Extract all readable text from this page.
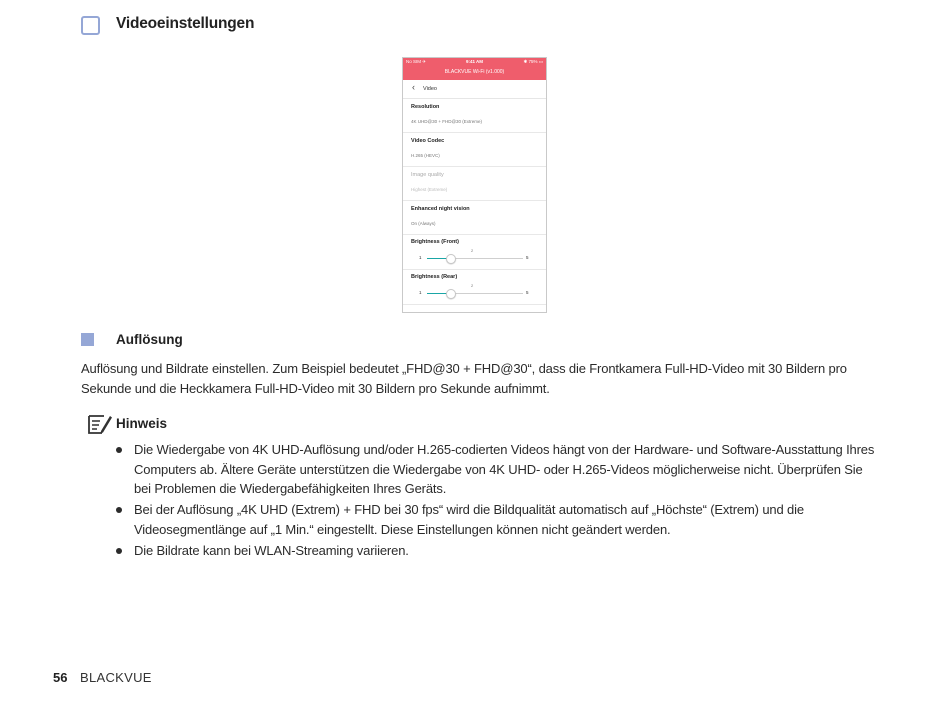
Videoeinstellungen
No SIM ✈	9:41 AM	✱ 75% ▭
BLACKVUE Wi-Fi (v1.000)
‹ Video
Resolution
4K UHD@30 + FHD@30 (Extreme)
Video Codec
H.265 (HEVC)
Image quality
Highest (Extreme)
Enhanced night vision
On (Always)
Brightness (Front)
2
1	5
Brightness (Rear)
2
1	5
Auflösung
Auflösung und Bildrate einstellen. Zum Beispiel bedeutet „FHD@30 + FHD@30“, dass die Frontkamera Full-HD-Video mit 30 Bildern pro Sekunde und die Heckkamera Full-HD-Video mit 30 Bildern pro Sekunde aufnimmt.
Hinweis
Die Wiedergabe von 4K UHD-Auflösung und/oder H.265-codierten Videos hängt von der Hardware- und Software-Ausstattung Ihres Computers ab. Ältere Geräte unterstützen die Wiedergabe von 4K UHD- oder H.265-Videos möglicherweise nicht. Überprüfen Sie bei Problemen die Wiedergabefähigkeiten Ihres Geräts.
Bei der Auflösung „4K UHD (Extrem) + FHD bei 30 fps“ wird die Bildqualität automatisch auf „Höchste“ (Extrem) und die Videosegmentlänge auf „1 Min.“ eingestellt. Diese Einstellungen können nicht geändert werden.
Die Bildrate kann bei WLAN-Streaming variieren.
56 BLACKVUE
